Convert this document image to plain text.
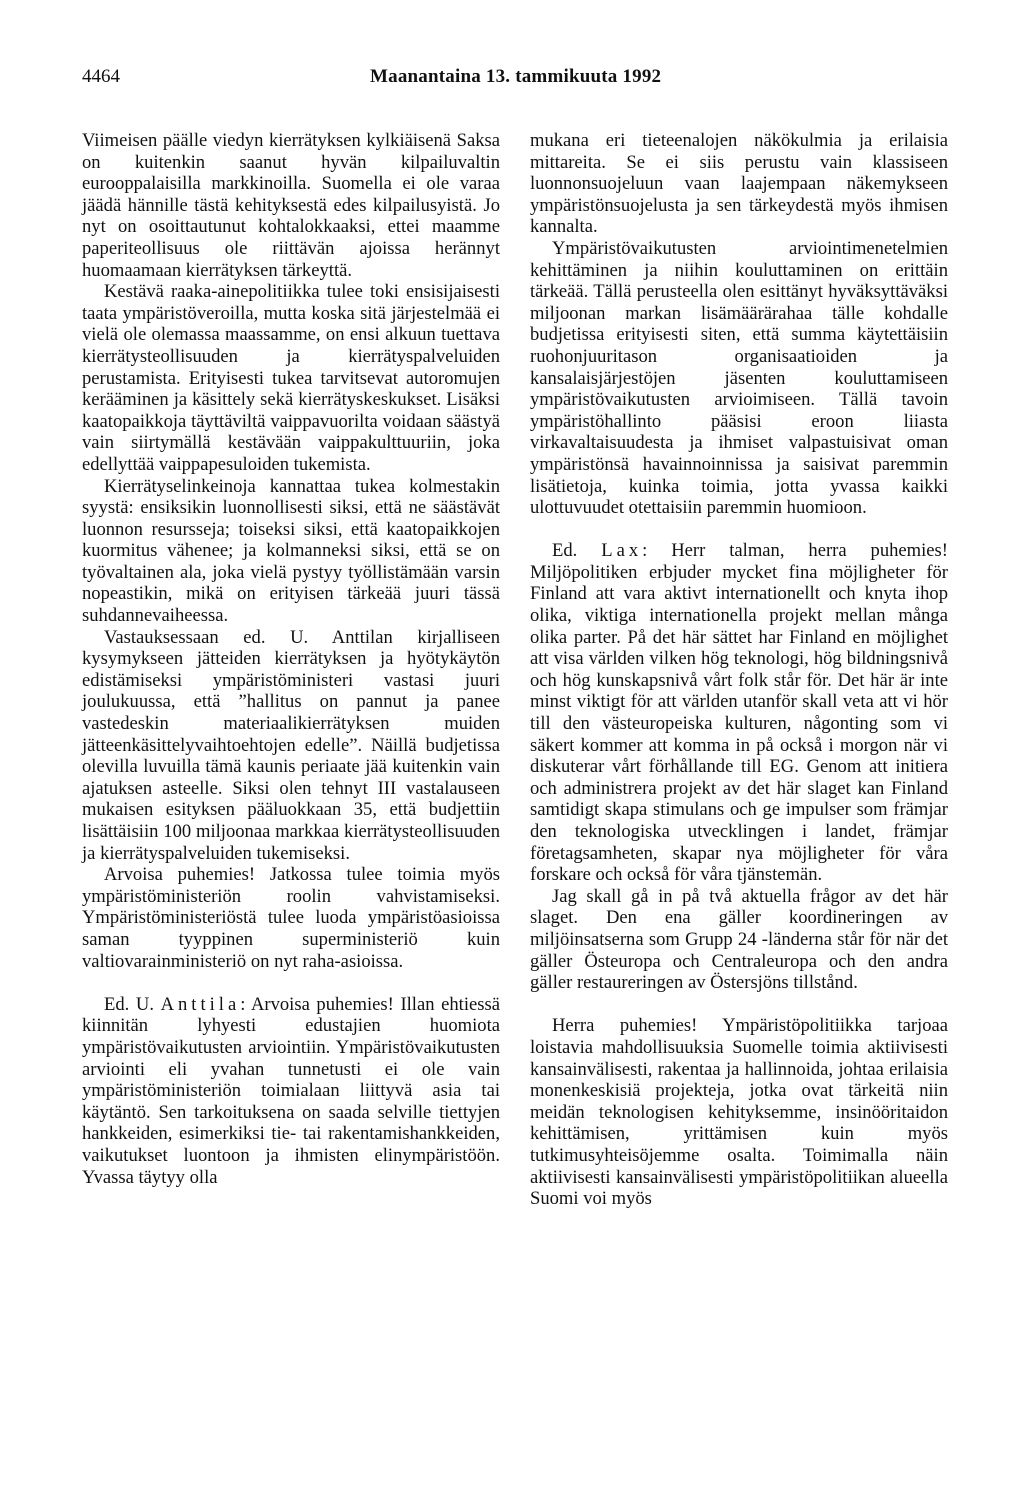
4464	Maanantaina 13. tammikuuta 1992

Viimeisen päälle viedyn kierrätyksen kylkiäisenä Saksa on kuitenkin saanut hyvän kilpailuvaltin eurooppalaisilla markkinoilla. Suomella ei ole varaa jäädä hännille tästä kehityksestä edes kilpailusyistä. Jo nyt on osoittautunut kohtalokkaaksi, ettei maamme paperiteollisuus ole riittävän ajoissa herännyt huomaamaan kierrätyksen tärkeyttä.

Kestävä raaka-ainepolitiikka tulee toki ensisijaisesti taata ympäristöveroilla, mutta koska sitä järjestelmää ei vielä ole olemassa maassamme, on ensi alkuun tuettava kierrätysteollisuuden ja kierrätyspalveluiden perustamista. Erityisesti tukea tarvitsevat autoromujen kerääminen ja käsittely sekä kierrätyskeskukset. Lisäksi kaatopaikkoja täyttäviltä vaippavuorilta voidaan säästyä vain siirtymällä kestävään vaippakulttuuriin, joka edellyttää vaippapesuloiden tukemista.

Kierrätyselinkeinoja kannattaa tukea kolmestakin syystä: ensiksikin luonnollisesti siksi, että ne säästävät luonnon resursseja; toiseksi siksi, että kaatopaikkojen kuormitus vähenee; ja kolmanneksi siksi, että se on työvaltainen ala, joka vielä pystyy työllistämään varsin nopeastikin, mikä on erityisen tärkeää juuri tässä suhdannevaiheessa.

Vastauksessaan ed. U. Anttilan kirjalliseen kysymykseen jätteiden kierrätyksen ja hyötykäytön edistämiseksi ympäristöministeri vastasi juuri joulukuussa, että ”hallitus on pannut ja panee vastedeskin materiaalikierrätyksen muiden jätteenkäsittelyvaihtoehtojen edelle”. Näillä budjetissa olevilla luvuilla tämä kaunis periaate jää kuitenkin vain ajatuksen asteelle. Siksi olen tehnyt III vastalauseen mukaisen esityksen pääluokkaan 35, että budjettiin lisättäisiin 100 miljoonaa markkaa kierrätysteollisuuden ja kierrätyspalveluiden tukemiseksi.

Arvoisa puhemies! Jatkossa tulee toimia myös ympäristöministeriön roolin vahvistamiseksi. Ympäristöministeriöstä tulee luoda ympäristöasioissa saman tyyppinen superministeriö kuin valtiovarainministeriö on nyt raha-asioissa.

Ed. U. Anttila: Arvoisa puhemies! Illan ehtiessä kiinnitän lyhyesti edustajien huomiota ympäristövaikutusten arviointiin. Ympäristövaikutusten arviointi eli yvahan tunnetusti ei ole vain ympäristöministeriön toimialaan liittyvä asia tai käytäntö. Sen tarkoituksena on saada selville tiettyjen hankkeiden, esimerkiksi tie- tai rakentamishankkeiden, vaikutukset luontoon ja ihmisten elinympäristöön. Yvassa täytyy olla

mukana eri tieteenalojen näkökulmia ja erilaisia mittareita. Se ei siis perustu vain klassiseen luonnonsuojeluun vaan laajempaan näkemykseen ympäristönsuojelusta ja sen tärkeydestä myös ihmisen kannalta.

Ympäristövaikutusten arviointimenetelmien kehittäminen ja niihin kouluttaminen on erittäin tärkeää. Tällä perusteella olen esittänyt hyväksyttäväksi miljoonan markan lisämäärärahaa tälle kohdalle budjetissa erityisesti siten, että summa käytettäisiin ruohonjuuritason organisaatioiden ja kansalaisjärjestöjen jäsenten kouluttamiseen ympäristövaikutusten arvioimiseen. Tällä tavoin ympäristöhallinto pääsisi eroon liiasta virkavaltaisuudesta ja ihmiset valpastuisivat oman ympäristönsä havainnoinnissa ja saisivat paremmin lisätietoja, kuinka toimia, jotta yvassa kaikki ulottuvuudet otettaisiin paremmin huomioon.

Ed. Lax: Herr talman, herra puhemies! Miljöpolitiken erbjuder mycket fina möjligheter för Finland att vara aktivt internationellt och knyta ihop olika, viktiga internationella projekt mellan många olika parter. På det här sättet har Finland en möjlighet att visa världen vilken hög teknologi, hög bildningsnivå och hög kunskapsnivå vårt folk står för. Det här är inte minst viktigt för att världen utanför skall veta att vi hör till den västeuropeiska kulturen, någonting som vi säkert kommer att komma in på också i morgon när vi diskuterar vårt förhållande till EG. Genom att initiera och administrera projekt av det här slaget kan Finland samtidigt skapa stimulans och ge impulser som främjar den teknologiska utvecklingen i landet, främjar företagsamheten, skapar nya möjligheter för våra forskare och också för våra tjänstemän.

Jag skall gå in på två aktuella frågor av det här slaget. Den ena gäller koordineringen av miljöinsatserna som Grupp 24 -länderna står för när det gäller Östeuropa och Centraleuropa och den andra gäller restaureringen av Östersjöns tillstånd.

Herra puhemies! Ympäristöpolitiikka tarjoaa loistavia mahdollisuuksia Suomelle toimia aktiivisesti kansainvälisesti, rakentaa ja hallinnoida, johtaa erilaisia monenkeskisiä projekteja, jotka ovat tärkeitä niin meidän teknologisen kehityksemme, insinööritaidon kehittämisen, yrittämisen kuin myös tutkimusyhteisöjemme osalta. Toimimalla näin aktiivisesti kansainvälisesti ympäristöpolitiikan alueella Suomi voi myös
